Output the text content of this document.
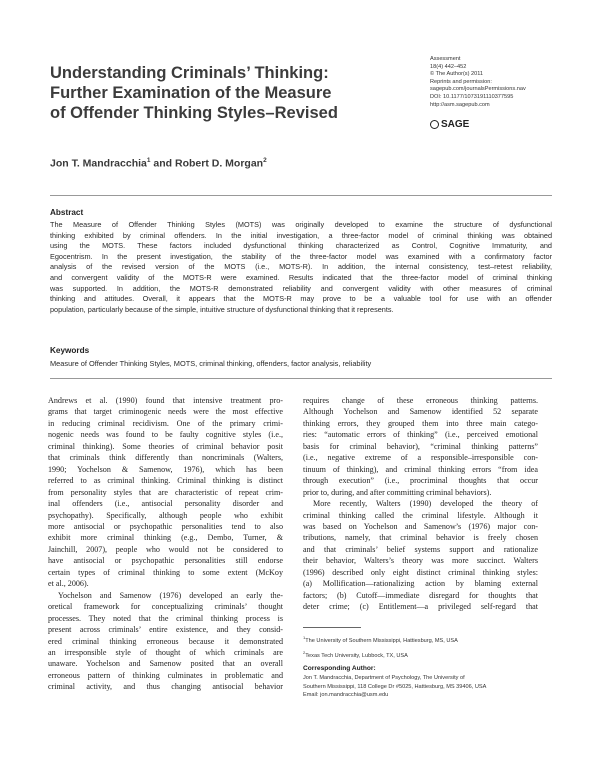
Understanding Criminals’ Thinking:
Further Examination of the Measure
of Offender Thinking Styles–Revised
Assessment
18(4) 442–452
© The Author(s) 2011
Reprints and permission:
sagepub.com/journalsPermissions.nav
DOI: 10.1177/1073191110377595
http://asm.sagepub.com
SAGE
Jon T. Mandracchia$^1$ and Robert D. Morgan$^2$
Abstract
The Measure of Offender Thinking Styles (MOTS) was originally developed to examine the structure of dysfunctional
thinking exhibited by criminal offenders. In the initial investigation, a three-factor model of criminal thinking was obtained
using the MOTS. These factors included dysfunctional thinking characterized as Control, Cognitive Immaturity, and
Egocentrism. In the present investigation, the stability of the three-factor model was examined with a confirmatory factor
analysis of the revised version of the MOTS (i.e., MOTS-R). In addition, the internal consistency, test–retest reliability,
and convergent validity of the MOTS-R were examined. Results indicated that the three-factor model of criminal thinking
was supported. In addition, the MOTS-R demonstrated reliability and convergent validity with other measures of criminal
thinking and attitudes. Overall, it appears that the MOTS-R may prove to be a valuable tool for use with an offender
population, particularly because of the simple, intuitive structure of dysfunctional thinking that it represents.
Keywords
Measure of Offender Thinking Styles, MOTS, criminal thinking, offenders, factor analysis, reliability
Andrews et al. (1990) found that intensive treatment pro-
grams that target criminogenic needs were the most effective
in reducing criminal recidivism. One of the primary crimi-
nogenic needs was found to be faulty cognitive styles (i.e.,
criminal thinking). Some theories of criminal behavior posit
that criminals think differently than noncriminals (Walters,
1990; Yochelson & Samenow, 1976), which has been
referred to as criminal thinking. Criminal thinking is distinct
from personality styles that are characteristic of repeat crim-
inal offenders (i.e., antisocial personality disorder and
psychopathy). Specifically, although people who exhibit
more antisocial or psychopathic personalities tend to also
exhibit more criminal thinking (e.g., Dembo, Turner, &
Jainchill, 2007), people who would not be considered to
have antisocial or psychopathic personalities still endorse
certain types of criminal thinking to some extent (McKoy
et al., 2006).
Yochelson and Samenow (1976) developed an early the-
oretical framework for conceptualizing criminals’ thought
processes. They noted that the criminal thinking process is
present across criminals’ entire existence, and they consid-
ered criminal thinking erroneous because it demonstrated
an irresponsible style of thought of which criminals are
unaware. Yochelson and Samenow posited that an overall
erroneous pattern of thinking culminates in problematic and
criminal activity, and thus changing antisocial behavior
requires change of these erroneous thinking patterns.
Although Yochelson and Samenow identified 52 separate
thinking errors, they grouped them into three main catego-
ries: “automatic errors of thinking” (i.e., perceived emotional
basis for criminal behavior), “criminal thinking patterns”
(i.e., negative extreme of a responsible–irresponsible con-
tinuum of thinking), and criminal thinking errors “from idea
through execution” (i.e., procriminal thoughts that occur
prior to, during, and after committing criminal behaviors).
More recently, Walters (1990) developed the theory of
criminal thinking called the criminal lifestyle. Although it
was based on Yochelson and Samenow’s (1976) major con-
tributions, namely, that criminal behavior is freely chosen
and that criminals’ belief systems support and rationalize
their behavior, Walters’s theory was more succinct. Walters
(1996) described only eight distinct criminal thinking styles:
(a) Mollification—rationalizing action by blaming external
factors; (b) Cutoff—immediate disregard for thoughts that
deter crime; (c) Entitlement—a privileged self-regard that
$^1$The University of Southern Mississippi, Hattiesburg, MS, USA
$^2$Texas Tech University, Lubbock, TX, USA
Corresponding Author:
Jon T. Mandracchia, Department of Psychology, The University of
Southern Mississippi, 118 College Dr #5025, Hattiesburg, MS 39406, USA
Email: jon.mandracchia@usm.edu
